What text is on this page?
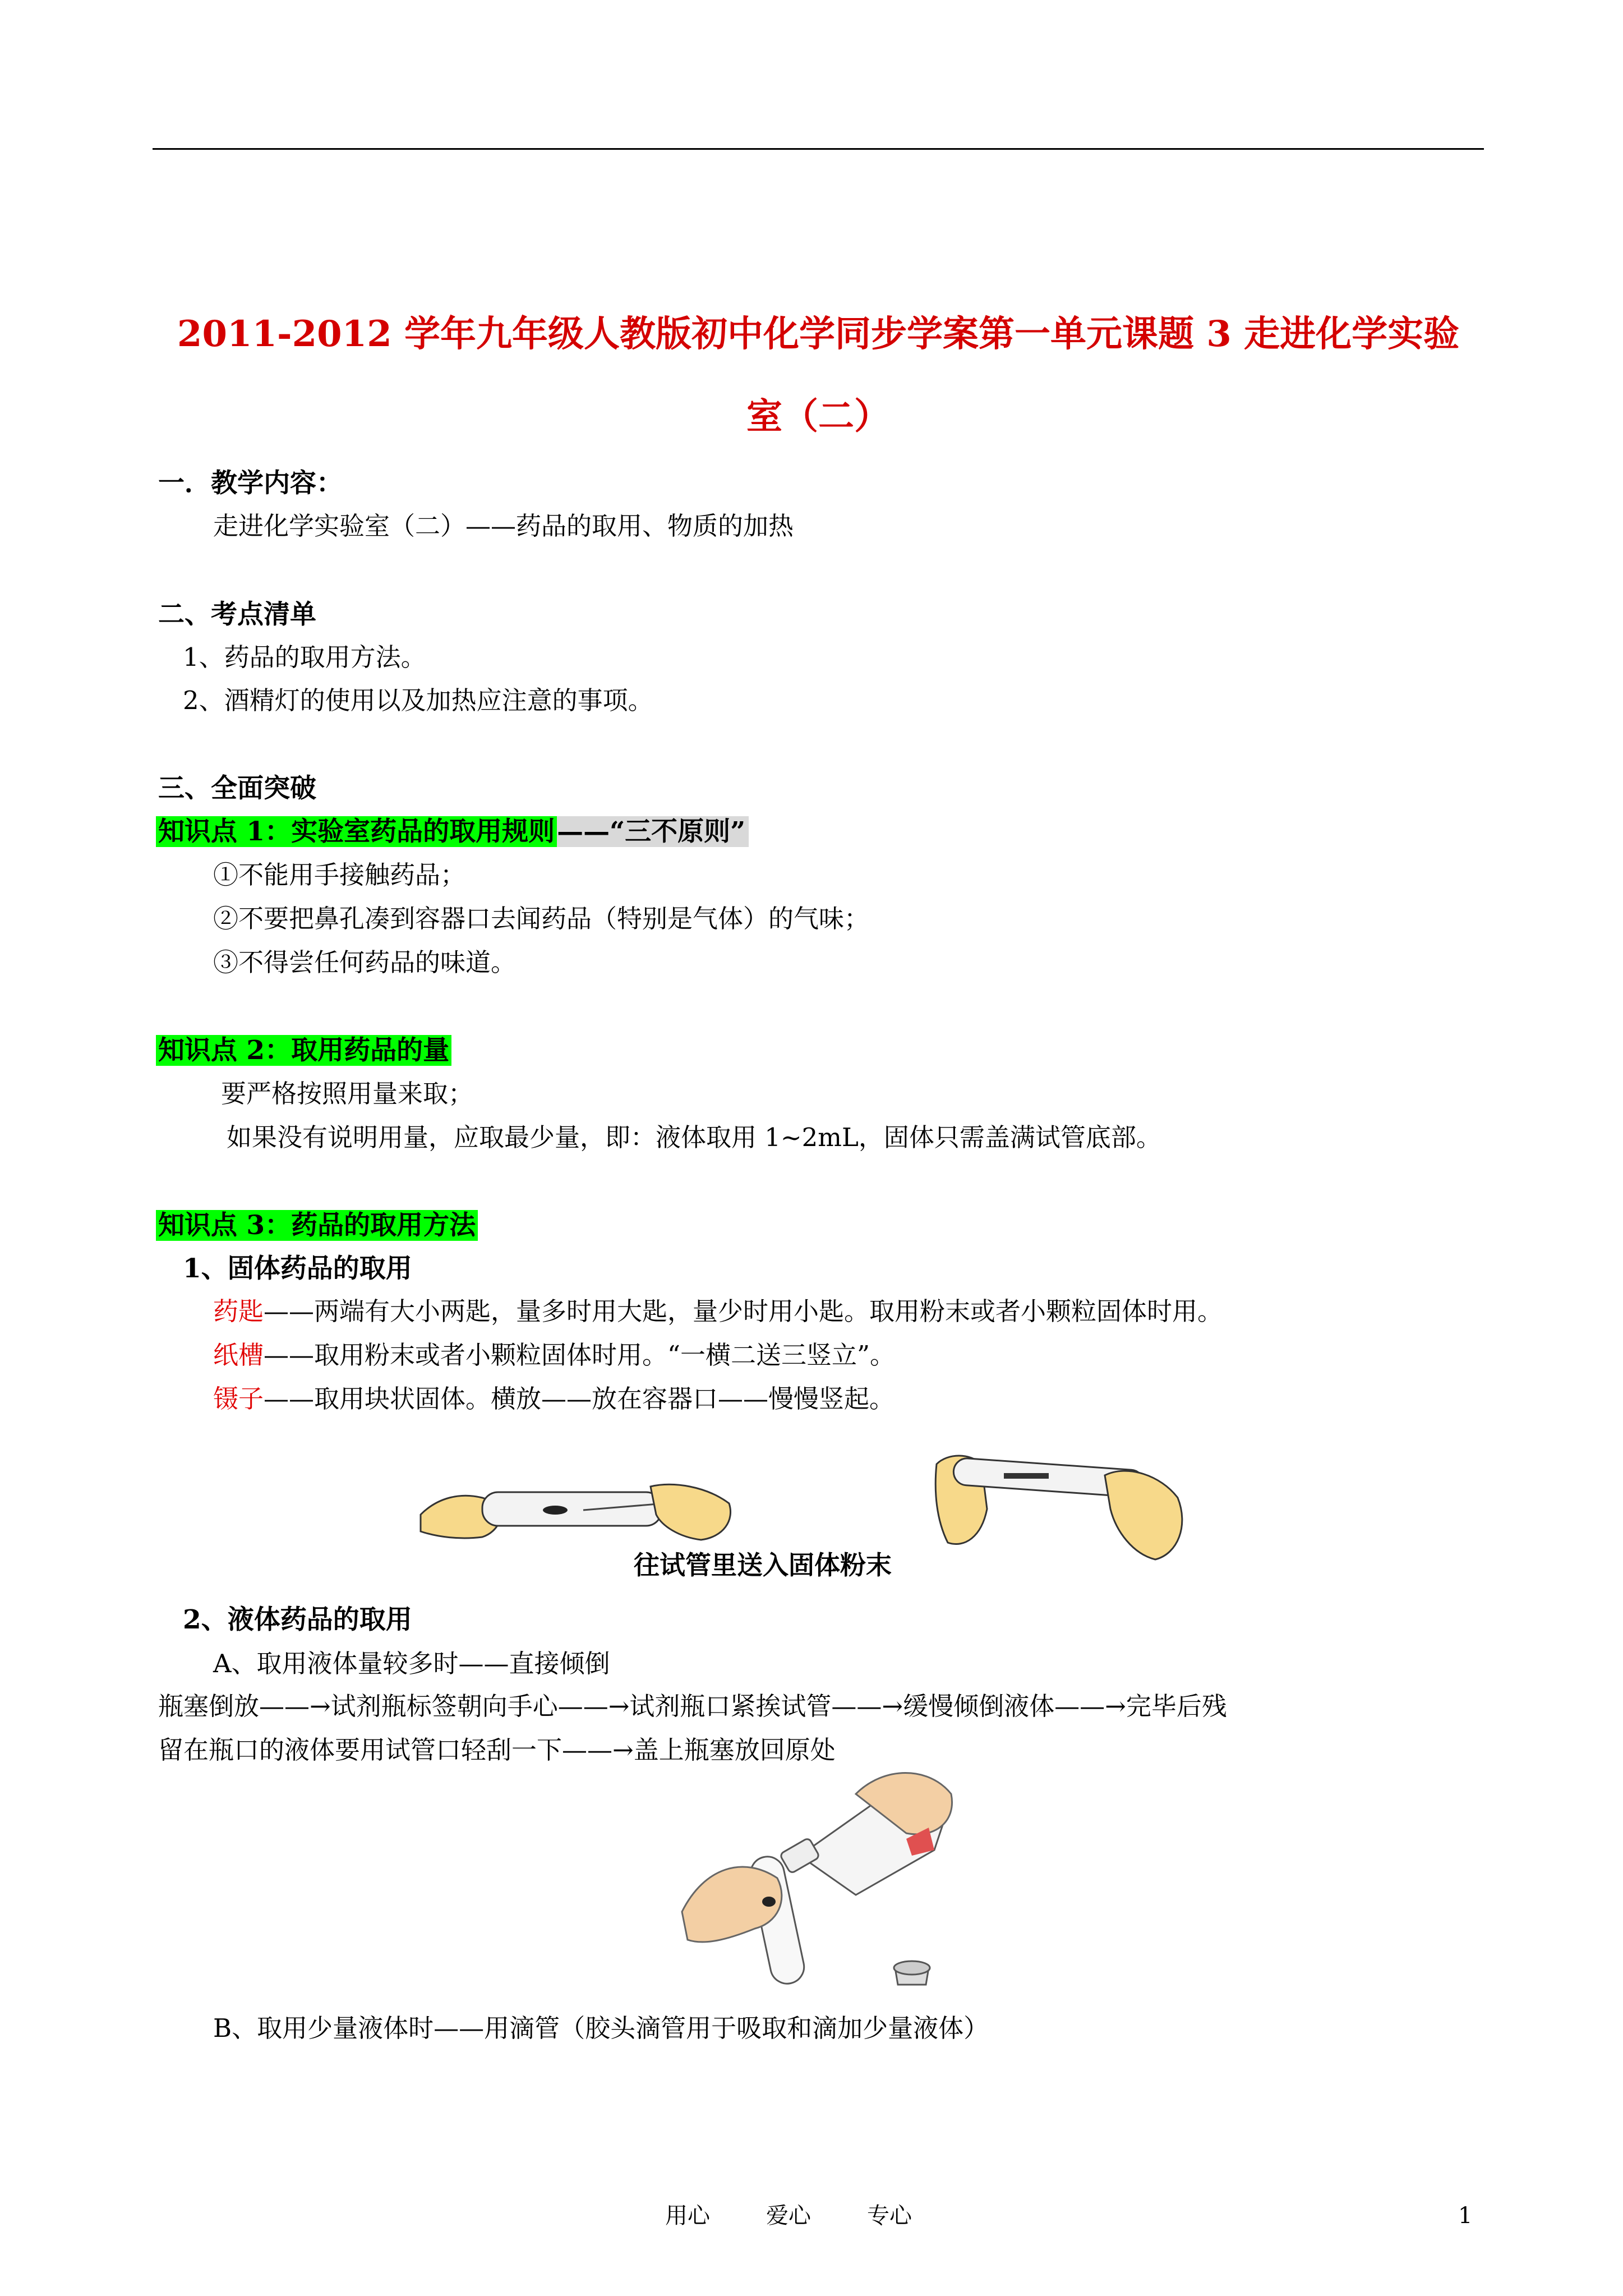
2011-2012 学年九年级人教版初中化学同步学案第一单元课题 3 走进化学实验
室（二）
一．教学内容：
走进化学实验室（二）——药品的取用、物质的加热
二、考点清单
1、药品的取用方法。
2、酒精灯的使用以及加热应注意的事项。
三、全面突破
知识点 1：实验室药品的取用规则——“三不原则”
①不能用手接触药品；
②不要把鼻孔凑到容器口去闻药品（特别是气体）的气味；
③不得尝任何药品的味道。
知识点 2：取用药品的量
要严格按照用量来取；
如果没有说明用量，应取最少量，即：液体取用 1~2mL，固体只需盖满试管底部。
知识点 3：药品的取用方法
1、固体药品的取用
药匙——两端有大小两匙，量多时用大匙，量少时用小匙。取用粉末或者小颗粒固体时用。
纸槽——取用粉末或者小颗粒固体时用。“一横二送三竖立”。
镊子——取用块状固体。横放——放在容器口——慢慢竖起。
往试管里送入固体粉末
2、液体药品的取用
A、取用液体量较多时——直接倾倒
瓶塞倒放——→试剂瓶标签朝向手心——→试剂瓶口紧挨试管——→缓慢倾倒液体——→完毕后残
留在瓶口的液体要用试管口轻刮一下——→盖上瓶塞放回原处
B、取用少量液体时——用滴管（胶头滴管用于吸取和滴加少量液体）
用心	爱心	专心	1
